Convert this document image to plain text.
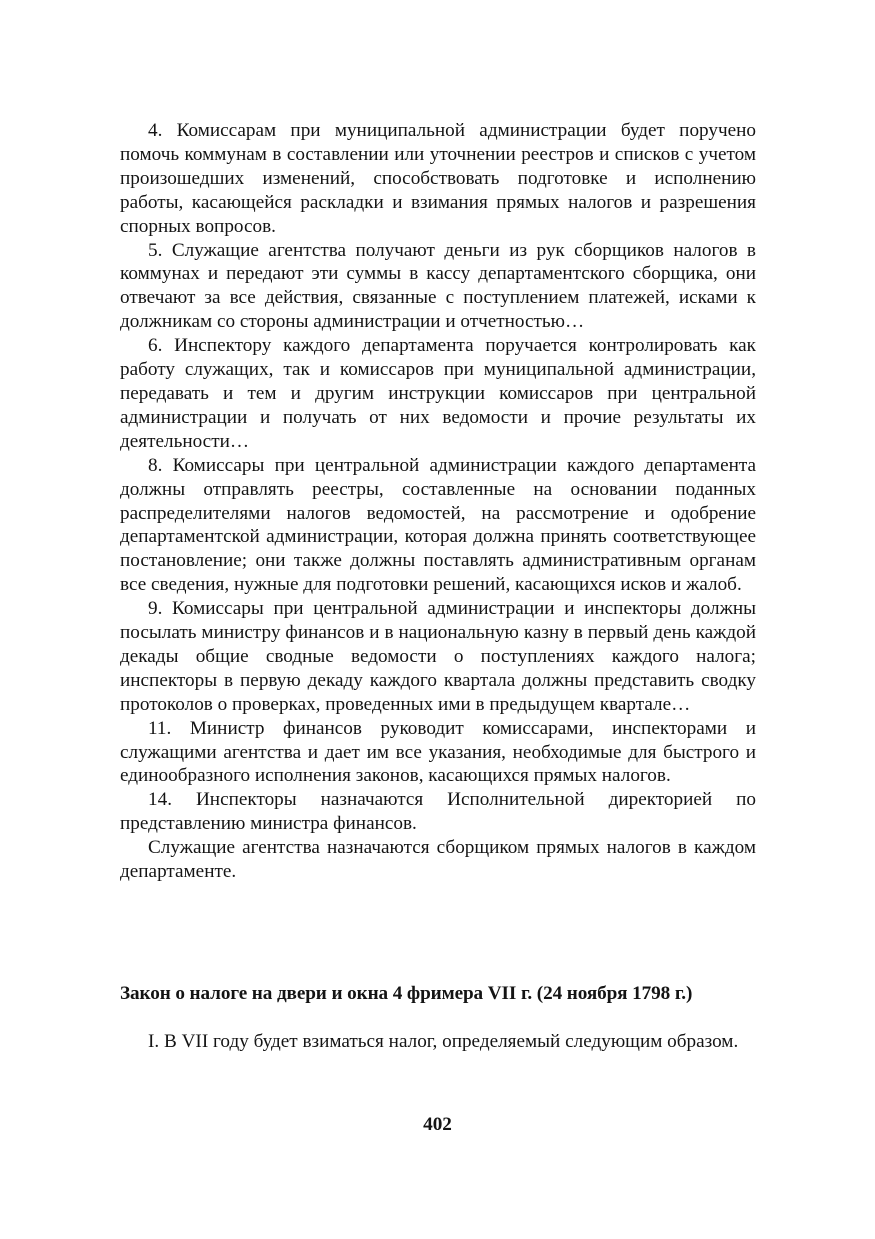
4. Комиссарам при муниципальной администрации будет поручено помочь коммунам в составлении или уточнении реестров и списков с учетом произошедших изменений, способствовать подготовке и исполнению работы, касающейся раскладки и взимания прямых налогов и разрешения спорных вопросов.

5. Служащие агентства получают деньги из рук сборщиков налогов в коммунах и передают эти суммы в кассу департаментского сборщика, они отвечают за все действия, связанные с поступлением платежей, исками к должникам со стороны администрации и отчетностью…

6. Инспектору каждого департамента поручается контролировать как работу служащих, так и комиссаров при муниципальной администрации, передавать и тем и другим инструкции комиссаров при центральной администрации и получать от них ведомости и прочие результаты их деятельности…

8. Комиссары при центральной администрации каждого департамента должны отправлять реестры, составленные на основании поданных распределителями налогов ведомостей, на рассмотрение и одобрение департаментской администрации, которая должна принять соответствующее постановление; они также должны поставлять административным органам все сведения, нужные для подготовки решений, касающихся исков и жалоб.

9. Комиссары при центральной администрации и инспекторы должны посылать министру финансов и в национальную казну в первый день каждой декады общие сводные ведомости о поступлениях каждого налога; инспекторы в первую декаду каждого квартала должны представить сводку протоколов о проверках, проведенных ими в предыдущем квартале…

11. Министр финансов руководит комиссарами, инспекторами и служащими агентства и дает им все указания, необходимые для быстрого и единообразного исполнения законов, касающихся прямых налогов.

14. Инспекторы назначаются Исполнительной директорией по представлению министра финансов.

Служащие агентства назначаются сборщиком прямых налогов в каждом департаменте.

Закон о налоге на двери и окна 4 фримера VII г. (24 ноября 1798 г.)

I. В VII году будет взиматься налог, определяемый следующим образом.

402
